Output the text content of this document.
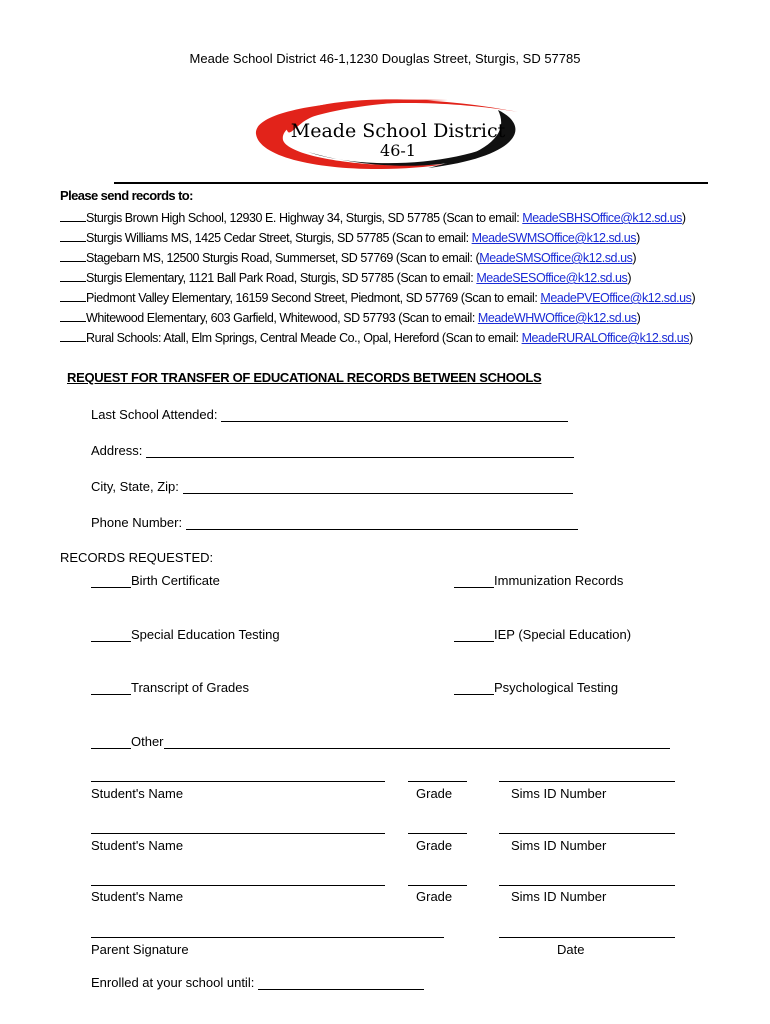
Meade School District 46-1,1230 Douglas Street, Sturgis, SD 57785
Meade School District
46-1
Please send records to:
Sturgis Brown High School, 12930 E. Highway 34, Sturgis, SD 57785 (Scan to email: MeadeSBHSOffice@k12.sd.us)
Sturgis Williams MS, 1425 Cedar Street, Sturgis, SD 57785 (Scan to email: MeadeSWMSOffice@k12.sd.us)
Stagebarn MS, 12500 Sturgis Road, Summerset, SD 57769 (Scan to email: (MeadeSMSOffice@k12.sd.us)
Sturgis Elementary, 1121 Ball Park Road, Sturgis, SD 57785 (Scan to email: MeadeSESOffice@k12.sd.us)
Piedmont Valley Elementary, 16159 Second Street, Piedmont, SD 57769 (Scan to email: MeadePVEOffice@k12.sd.us)
Whitewood Elementary, 603 Garfield, Whitewood, SD 57793 (Scan to email: MeadeWHWOffice@k12.sd.us)
Rural Schools: Atall, Elm Springs, Central Meade Co., Opal, Hereford (Scan to email: MeadeRURALOffice@k12.sd.us)
REQUEST FOR TRANSFER OF EDUCATIONAL RECORDS BETWEEN SCHOOLS
Last School Attended:
Address:
City, State, Zip:
Phone Number:
RECORDS REQUESTED:
Birth Certificate	Immunization Records
Special Education Testing	IEP (Special Education)
Transcript of Grades	Psychological Testing
Other
Student's Name	Grade	Sims ID Number
Student's Name	Grade	Sims ID Number
Student's Name	Grade	Sims ID Number
Parent Signature	Date
Enrolled at your school until:
